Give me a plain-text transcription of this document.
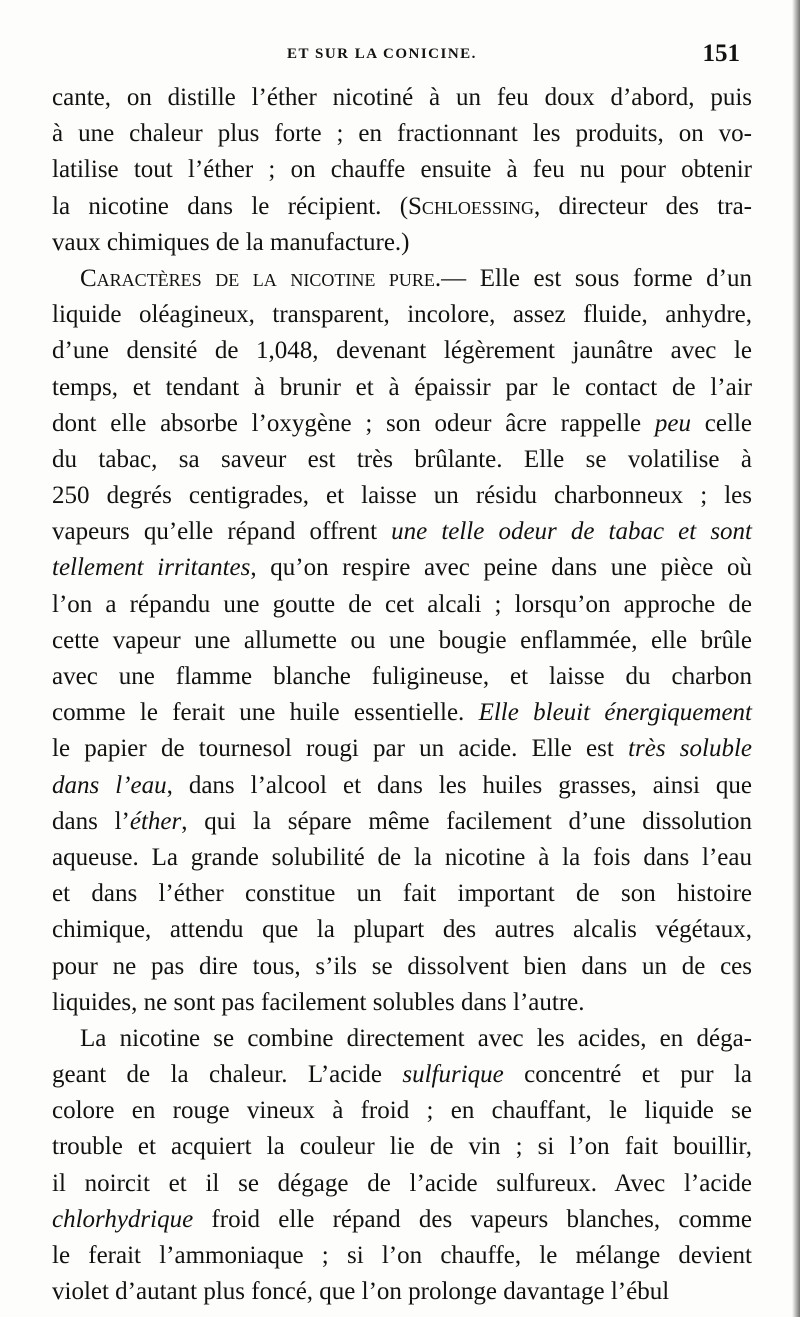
ET SUR LA CONICINE.	151
cante, on distille l’éther nicotiné à un feu doux d’abord, puis
à une chaleur plus forte ; en fractionnant les produits, on vo-
latilise tout l’éther ; on chauffe ensuite à feu nu pour obtenir
la nicotine dans le récipient. (Schloessing, directeur des tra-
vaux chimiques de la manufacture.)
Caractères de la nicotine pure.— Elle est sous forme d’un
liquide oléagineux, transparent, incolore, assez fluide, anhydre,
d’une densité de 1,048, devenant légèrement jaunâtre avec le
temps, et tendant à brunir et à épaissir par le contact de l’air
dont elle absorbe l’oxygène ; son odeur âcre rappelle peu celle
du tabac, sa saveur est très brûlante. Elle se volatilise à
250 degrés centigrades, et laisse un résidu charbonneux ; les
vapeurs qu’elle répand offrent une telle odeur de tabac et sont
tellement irritantes, qu’on respire avec peine dans une pièce où
l’on a répandu une goutte de cet alcali ; lorsqu’on approche de
cette vapeur une allumette ou une bougie enflammée, elle brûle
avec une flamme blanche fuligineuse, et laisse du charbon
comme le ferait une huile essentielle. Elle bleuit énergiquement
le papier de tournesol rougi par un acide. Elle est très soluble
dans l’eau, dans l’alcool et dans les huiles grasses, ainsi que
dans l’éther, qui la sépare même facilement d’une dissolution
aqueuse. La grande solubilité de la nicotine à la fois dans l’eau
et dans l’éther constitue un fait important de son histoire
chimique, attendu que la plupart des autres alcalis végétaux,
pour ne pas dire tous, s’ils se dissolvent bien dans un de ces
liquides, ne sont pas facilement solubles dans l’autre.
La nicotine se combine directement avec les acides, en déga-
geant de la chaleur. L’acide sulfurique concentré et pur la
colore en rouge vineux à froid ; en chauffant, le liquide se
trouble et acquiert la couleur lie de vin ; si l’on fait bouillir,
il noircit et il se dégage de l’acide sulfureux. Avec l’acide
chlorhydrique froid elle répand des vapeurs blanches, comme
le ferait l’ammoniaque ; si l’on chauffe, le mélange devient
violet d’autant plus foncé, que l’on prolonge davantage l’ébul
